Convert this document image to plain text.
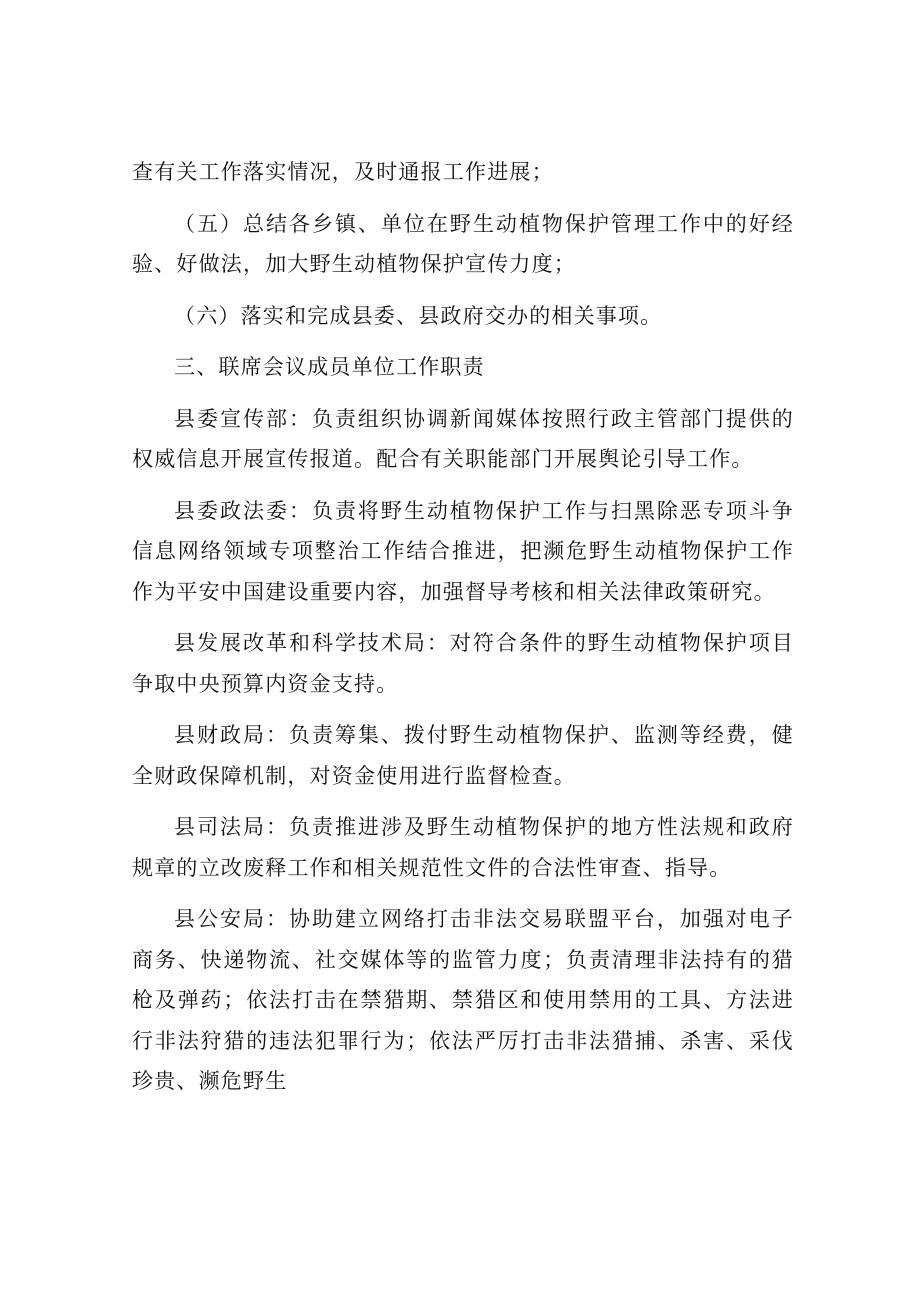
查有关工作落实情况，及时通报工作进展；

（五）总结各乡镇、单位在野生动植物保护管理工作中的好经验、好做法，加大野生动植物保护宣传力度；

（六）落实和完成县委、县政府交办的相关事项。

三、联席会议成员单位工作职责

县委宣传部：负责组织协调新闻媒体按照行政主管部门提供的权威信息开展宣传报道。配合有关职能部门开展舆论引导工作。

县委政法委：负责将野生动植物保护工作与扫黑除恶专项斗争信息网络领域专项整治工作结合推进，把濒危野生动植物保护工作作为平安中国建设重要内容，加强督导考核和相关法律政策研究。

县发展改革和科学技术局：对符合条件的野生动植物保护项目争取中央预算内资金支持。

县财政局：负责筹集、拨付野生动植物保护、监测等经费，健全财政保障机制，对资金使用进行监督检查。

县司法局：负责推进涉及野生动植物保护的地方性法规和政府规章的立改废释工作和相关规范性文件的合法性审查、指导。

县公安局：协助建立网络打击非法交易联盟平台，加强对电子商务、快递物流、社交媒体等的监管力度；负责清理非法持有的猎枪及弹药；依法打击在禁猎期、禁猎区和使用禁用的工具、方法进行非法狩猎的违法犯罪行为；依法严厉打击非法猎捕、杀害、采伐珍贵、濒危野生
